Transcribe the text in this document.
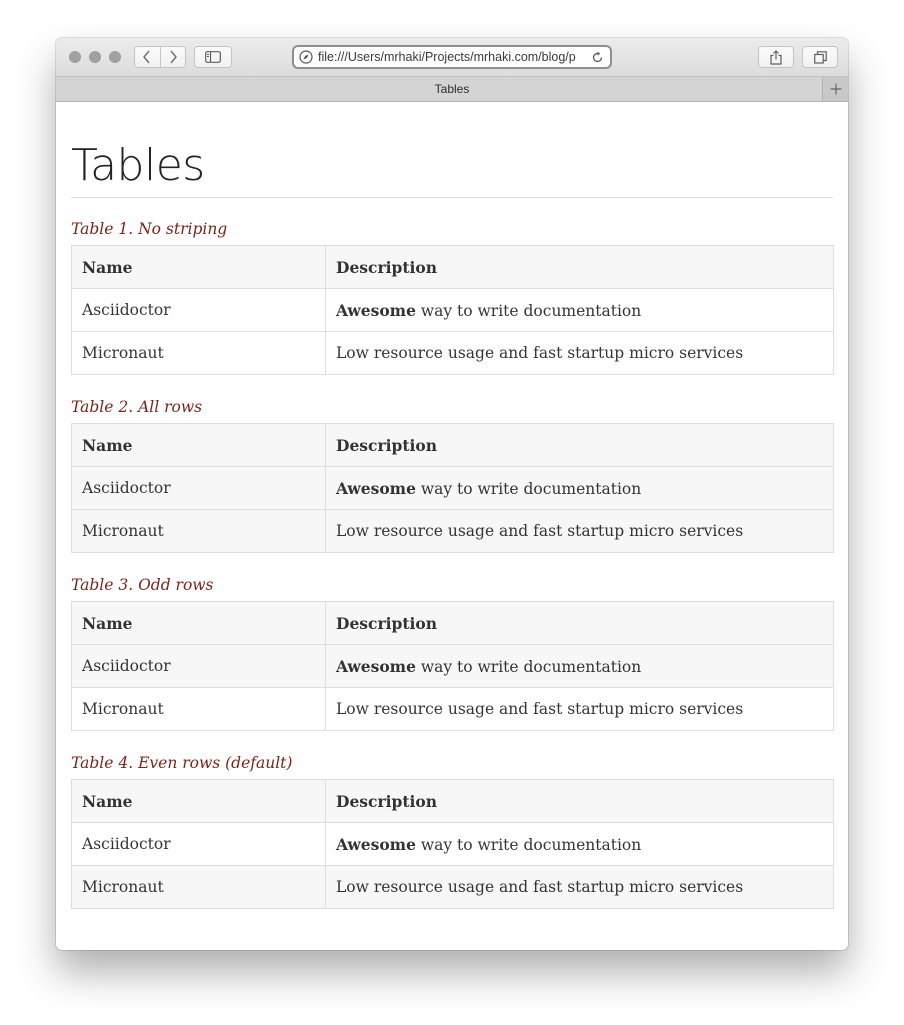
file:///Users/mrhaki/Projects/mrhaki.com/blog/p
Tables
Tables
Table 1. No striping
Name	Description
Asciidoctor	Awesome way to write documentation
Micronaut	Low resource usage and fast startup micro services
Table 2. All rows
Name	Description
Asciidoctor	Awesome way to write documentation
Micronaut	Low resource usage and fast startup micro services
Table 3. Odd rows
Name	Description
Asciidoctor	Awesome way to write documentation
Micronaut	Low resource usage and fast startup micro services
Table 4. Even rows (default)
Name	Description
Asciidoctor	Awesome way to write documentation
Micronaut	Low resource usage and fast startup micro services
